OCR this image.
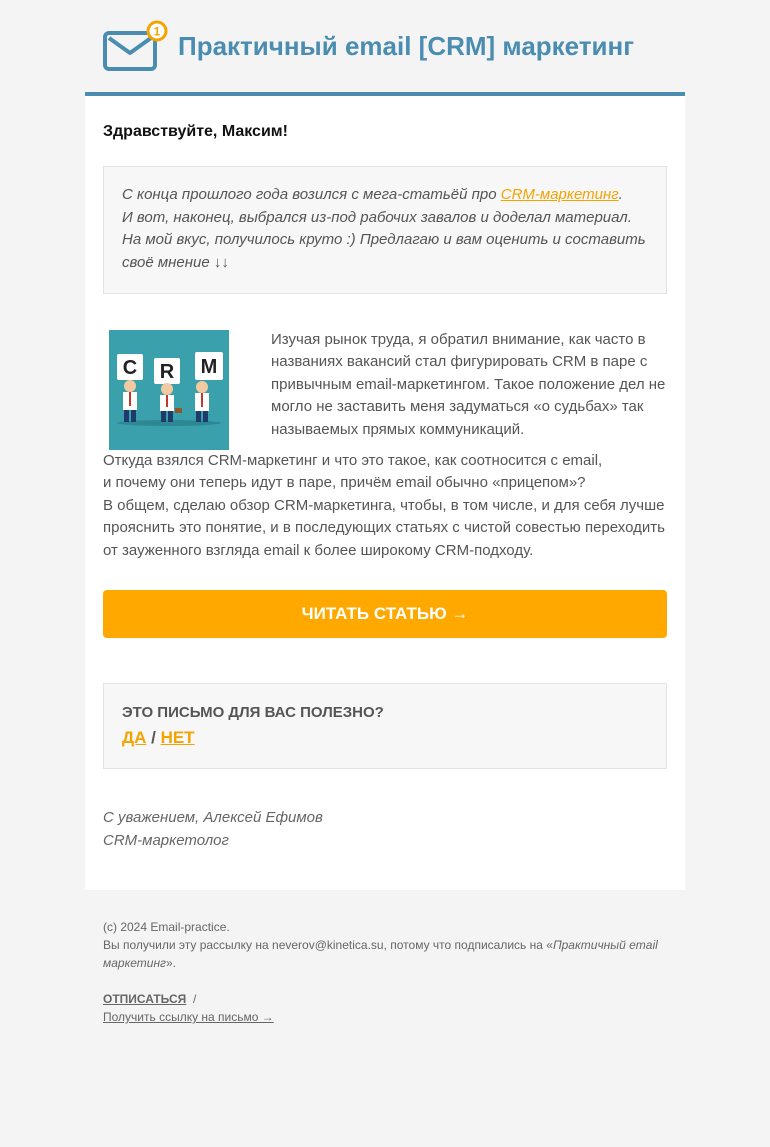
1 Практичный email [CRM] маркетинг
Здравствуйте, Максим!
С конца прошлого года возился с мега-статьёй про CRM-маркетинг.
И вот, наконец, выбрался из-под рабочих завалов и доделал материал.
На мой вкус, получилось круто :) Предлагаю и вам оценить и составить своё мнение ↓↓
C R M
Изучая рынок труда, я обратил внимание, как часто в названиях вакансий стал фигурировать CRM в паре с привычным email-маркетингом. Такое положение дел не могло не заставить меня задуматься «о судьбах» так называемых прямых коммуникаций.

Откуда взялся CRM-маркетинг и что это такое, как соотносится с email,
и почему они теперь идут в паре, причём email обычно «прицепом»?

В общем, сделаю обзор CRM-маркетинга, чтобы, в том числе, и для себя лучше прояснить это понятие, и в последующих статьях с чистой совестью переходить от зауженного взгляда email к более широкому CRM-подходу.

ЧИТАТЬ СТАТЬЮ →
ЭТО ПИСЬМО ДЛЯ ВАС ПОЛЕЗНО?
ДА / НЕТ
С уважением, Алексей Ефимов
CRM-маркетолог
(c) 2024 Email-practice.
Вы получили эту рассылку на neverov@kinetica.su, потому что подписались на «Практичный email маркетинг».
ОТПИСАТЬСЯ /
Получить ссылку на письмо →
